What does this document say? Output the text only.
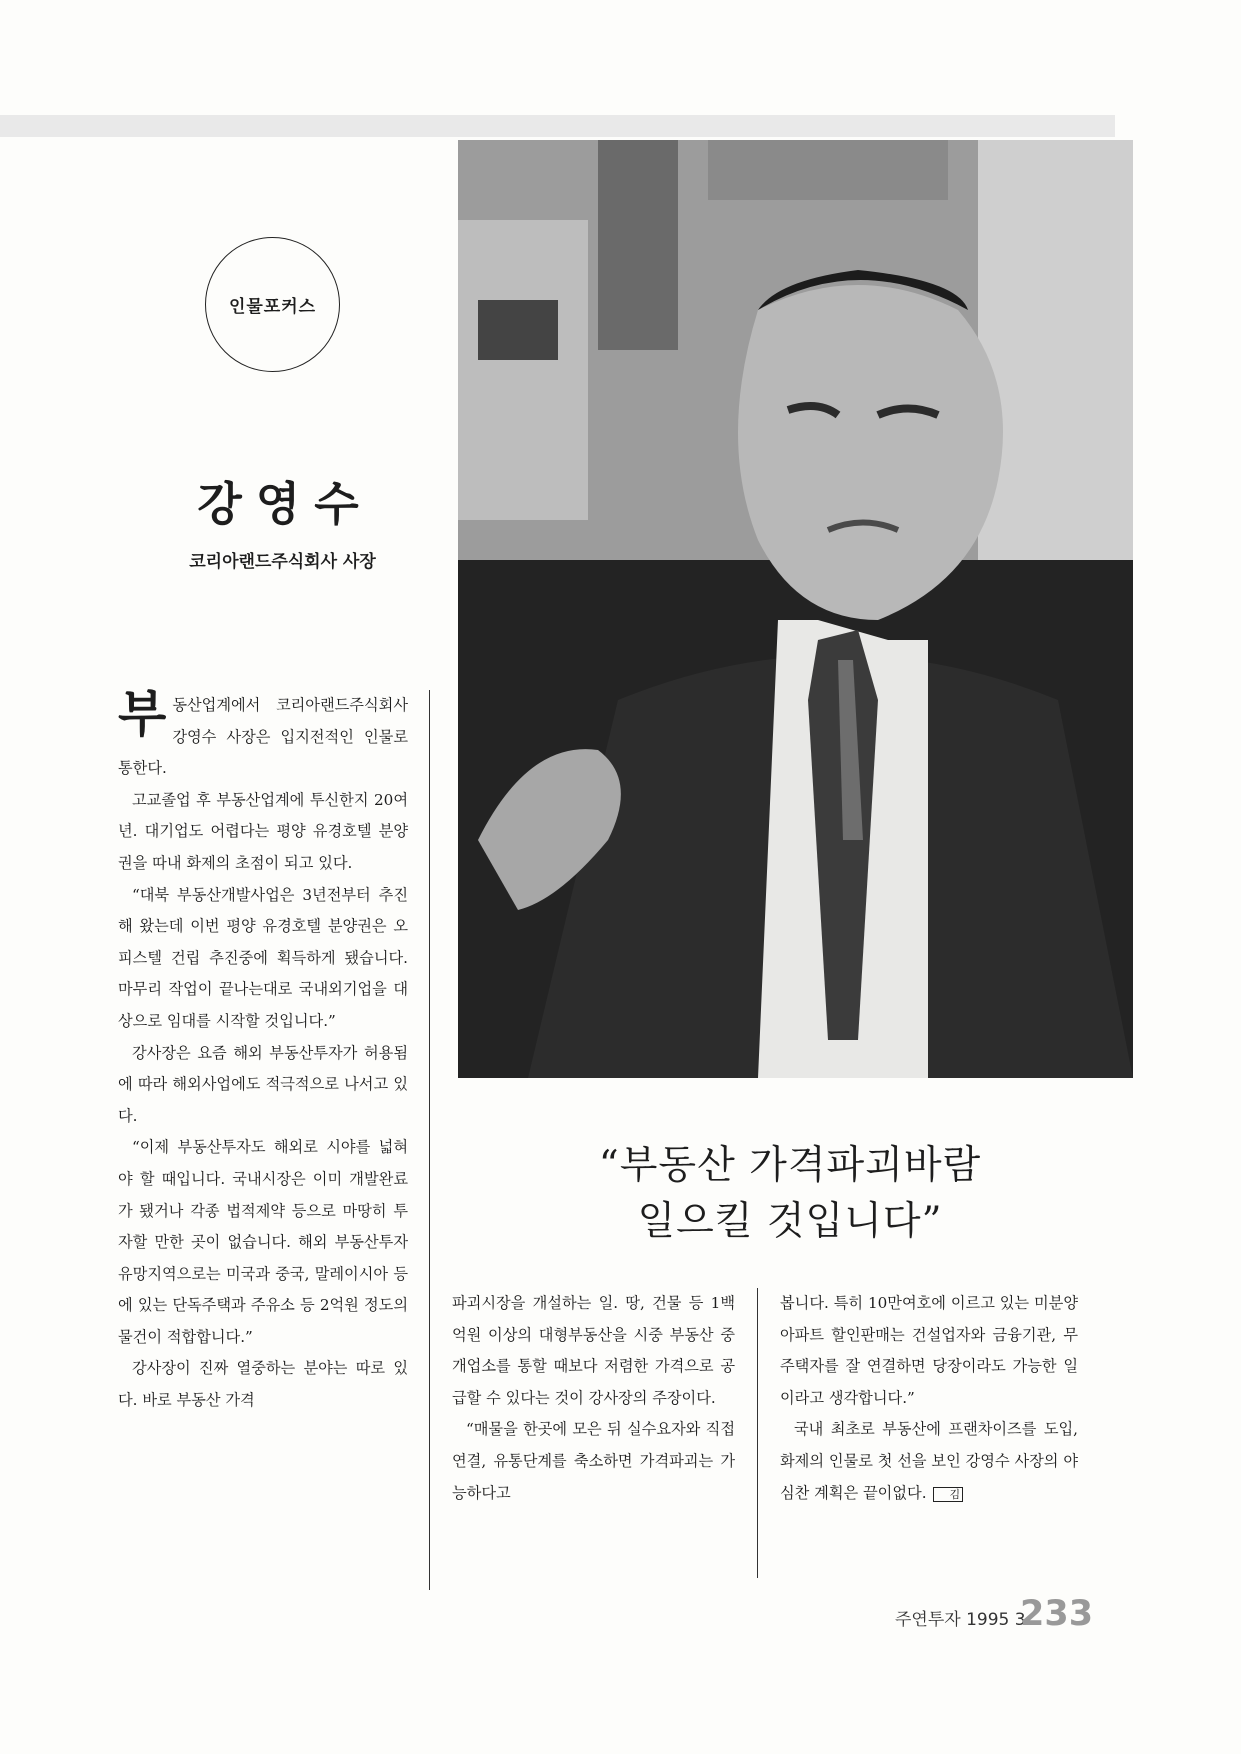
인물포커스
강영수
코리아랜드주식회사 사장

부동산업계에서 코리아랜드주식회사 강영수 사장은 입지전적인 인물로 통한다.

고교졸업 후 부동산업계에 투신한지 20여년. 대기업도 어렵다는 평양 유경호텔 분양권을 따내 화제의 초점이 되고 있다.

“대북 부동산개발사업은 3년전부터 추진해 왔는데 이번 평양 유경호텔 분양권은 오피스텔 건립 추진중에 획득하게 됐습니다. 마무리 작업이 끝나는대로 국내외기업을 대상으로 임대를 시작할 것입니다.”

강사장은 요즘 해외 부동산투자가 허용됨에 따라 해외사업에도 적극적으로 나서고 있다.

“이제 부동산투자도 해외로 시야를 넓혀야 할 때입니다. 국내시장은 이미 개발완료가 됐거나 각종 법적제약 등으로 마땅히 투자할 만한 곳이 없습니다. 해외 부동산투자 유망지역으로는 미국과 중국, 말레이시아 등에 있는 단독주택과 주유소 등 2억원 정도의 물건이 적합합니다.”

강사장이 진짜 열중하는 분야는 따로 있다. 바로 부동산 가격

“부동산 가격파괴바람
일으킬 것입니다”

파괴시장을 개설하는 일. 땅, 건물 등 1백억원 이상의 대형부동산을 시중 부동산 중개업소를 통할 때보다 저렴한 가격으로 공급할 수 있다는 것이 강사장의 주장이다.

“매물을 한곳에 모은 뒤 실수요자와 직접 연결, 유통단계를 축소하면 가격파괴는 가능하다고

봅니다. 특히 10만여호에 이르고 있는 미분양아파트 할인판매는 건설업자와 금융기관, 무주택자를 잘 연결하면 당장이라도 가능한 일이라고 생각합니다.”

국내 최초로 부동산에 프랜차이즈를 도입, 화제의 인물로 첫 선을 보인 강영수 사장의 야심찬 계획은 끝이없다. 김

주연투자 1995 3
233
